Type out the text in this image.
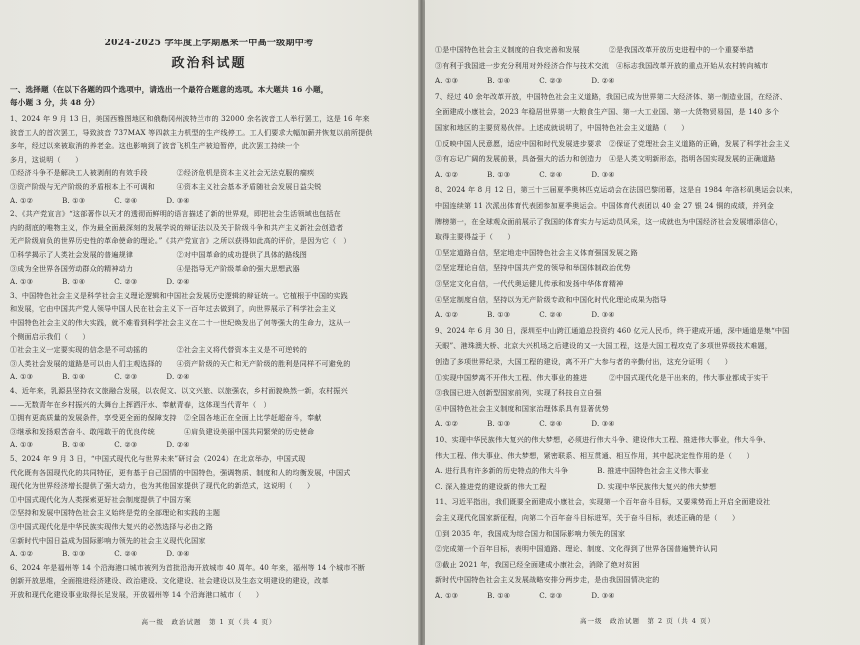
2024-2025 学年度上学期惠来一中高一级期中考
政治科试题
一、选择题（在以下各题的四个选项中，请选出一个最符合题意的选项。本大题共 16 小题，
每小题 3 分，共 48 分）
1、2024 年 9 月 13 日，美国西雅图地区和俄勒冈州波特兰市的 32000 余名波音工人举行罢工，这是 16 年来
波音工人的首次罢工，导致波音 737MAX 等四款主力机型的生产线停工。工人们要求大幅加薪并恢复以前所提供
多年，经过以来被取消的养老金。这也影响到了波音飞机生产被迫暂停，此次罢工持续一个
多月，这说明（　　）
①经济斗争不是解决工人被剥削的有效手段　　　　②经济危机是资本主义社会无法克服的痼疾
③资产阶级与无产阶级的矛盾根本上不可调和　　　④资本主义社会基本矛盾随社会发展日益尖锐
A. ①②　　　　B. ①③　　　　C. ②④　　　　D. ③④
2、《共产党宣言》“这部著作以天才的透彻而鲜明的语言描述了新的世界观，即把社会生活领域也包括在
内的彻底的唯物主义，作为最全面最深刻的发展学说的辩证法以及关于阶级斗争和共产主义新社会创造者
无产阶级肩负的世界历史性的革命使命的理论。”《共产党宣言》之所以获得如此高的评价，是因为它（　）
①科学揭示了人类社会发展的普遍规律　　　　　　②对中国革命的成功提供了具体的路线图
③成为全世界各国劳动群众的精神动力　　　　　　④是指导无产阶级革命的强大思想武器
A. ①③　　　　B. ①④　　　　C. ②③　　　　D. ②④
3、中国特色社会主义是科学社会主义理论逻辑和中国社会发展历史逻辑的辩证统一。它植根于中国的实践
和发展，它由中国共产党人领导中国人民在社会主义下一百年过去做到了，向世界展示了科学社会主义
中国特色社会主义的伟大实践，就不难看到科学社会主义在二十一世纪焕发出了何等强大的生命力，这从一
个侧面启示我们（　　）
①社会主义一定要实现的信念是不可动摇的　　　　②社会主义将代替资本主义是不可逆转的
③人类社会发展的道路是可以由人们主观选择的　　④资产阶级的天亡和无产阶级的胜利是同样不可避免的
A. ①③　　　　B. ①④　　　　C. ②③　　　　D. ②④
4、近年来，乳源县坚持农文旅融合发展，以农促文、以文兴旅、以旅强农，乡村面貌焕然一新，农村振兴
——无数青年在乡村振兴的大舞台上挥洒汗水、奉献青春，这体现当代青年（　）
①拥有更高质量的发展条件，享受更全面的保障支持　②全国各地正在全面上比学赶超奋斗，奉献
③继承和发扬艰苦奋斗、敢闯敢干的优良传统　　　　④肩负建设美丽中国共同繁荣的历史使命
A. ①③　　　　B. ①④　　　　C. ②③　　　　D. ②④
5、2024 年 9 月 3 日，“中国式现代化与世界未来”研讨会（2024）在北京举办，中国式现
代化既有各国现代化的共同特征，更有基于自己国情的中国特色，强调物质、制度和人的均衡发展，中国式
现代化为世界经济增长提供了强大动力，也为其他国家提供了现代化的新范式，这说明（　　）
①中国式现代化为人类探索更好社会制度提供了中国方案
②坚持和发展中国特色社会主义始终是党的全部理论和实践的主题
③中国式现代化是中华民族实现伟大复兴的必然选择与必由之路
④新时代中国日益成为国际影响力领先的社会主义现代化国家
A. ①②　　　　B. ①③　　　　C. ②④　　　　D. ③④
6、2024 年是福州等 14 个沿海港口城市被列为首批沿海开放城市 40 周年。40 年来，福州等 14 个城市不断
创新开放思维，全面推进经济建设、政治建设、文化建设、社会建设以及生态文明建设的建设，改革
开放和现代化建设事业取得长足发展，开放福州等 14 个沿海港口城市（　　）
高一级　政治试题　第 1 页（共 4 页）
①是中国特色社会主义制度的自我完善和发展　　　　②是我国改革开放历史进程中的一个重要举措
③有利于我国进一步充分利用对外经济合作与技术交流　④标志我国改革开放的重点开始从农村转向城市
A. ①③　　　　B. ①④　　　　C. ②③　　　　D. ②④
7、经过 40 余年改革开放，中国特色社会主义道路，我国已成为世界第二大经济体、第一制造业国，在经济、
全面建成小康社会，2023 年稳居世界第一大粮食生产国、第一大工业国、第一大货物贸易国，是 140 多个
国家和地区的主要贸易伙伴。上述成就说明了，中国特色社会主义道路（　　）
①反映中国人民意愿，适应中国和时代发展进步要求　②保证了党理社会主义道路的正确，发展了科学社会主义
③有忘记广阔的发展前景，具备强大的活力和创造力　④是人类文明新形态，指明各国实现发展的正确道路
A. ①②　　　　B. ①③　　　　C. ②④　　　　D. ③④
8、2024 年 8 月 12 日，第三十三届夏季奥林匹克运动会在法国巴黎闭幕，这是自 1984 年洛杉矶奥运会以来，
中国连续第 11 次派出体育代表团参加夏季奥运会。中国体育代表团以 40 金 27 银 24 铜的成绩，并列金
牌榜第一，在全球观众面前展示了我国的体育实力与运动员风采，这一成就也为中国经济社会发展增添信心，
取得主要得益于（　　）
①坚定道路自信，坚定地走中国特色社会主义体育强国发展之路
②坚定理论自信，坚持中国共产党的领导和举国体制政治优势
③坚定文化自信，一代代奥运健儿传承和发扬中华体育精神
④坚定制度自信，坚持以为无产阶级专政和中国化时代化理论成果为指导
A. ①②　　　　B. ①③　　　　C. ②④　　　　D. ③④
9、2024 年 6 月 30 日，深圳至中山跨江通道总投资约 460 亿元人民币，终于建成开通，深中通道是集“中国
天眼”、港珠澳大桥、北京大兴机场之后建设的又一大国工程，这是大国工程攻克了多项世界级技术难题，
创造了多项世界纪录，大国工程的建设，离不开广大参与者的辛勤付出，这充分证明（　　）
①实现中国梦离不开伟大工程、伟大事业的推进　　　②中国式现代化是干出来的，伟大事业都成于实干
③我国已进入创新型国家前列，实现了科技自立自强
④中国特色社会主义制度和国家治理体系具有显著优势
A. ①②　　　　B. ①③　　　　C. ②④　　　　D. ③④
10、实现中华民族伟大复兴的伟大梦想，必须进行伟大斗争、建设伟大工程、推进伟大事业，伟大斗争、
伟大工程、伟大事业、伟大梦想，紧密联系、相互贯通、相互作用，其中起决定性作用的是（　　）
A. 进行具有许多新的历史特点的伟大斗争　　　　B. 推进中国特色社会主义伟大事业
C. 深入推进党的建设新的伟大工程　　　　　　　D. 实现中华民族伟大复兴的伟大梦想
11、习近平指出，我们既要全面建成小康社会，实现第一个百年奋斗目标，又要乘势而上开启全面建设社
会主义现代化国家新征程，向第二个百年奋斗目标进军，关于奋斗目标，表述正确的是（　　）
①到 2035 年，我国成为综合国力和国际影响力领先的国家
②完成第一个百年目标，表明中国道路、理论、制度、文化得到了世界各国普遍赞许认同
③截止 2021 年，我国已经全面建成小康社会，消除了绝对贫困
新时代中国特色社会主义发展战略安排分两步走，是由我国国情决定的
A. ①③　　　　B. ①④　　　　C. ②③　　　　D. ③④
高一级　政治试题　第 2 页（共 4 页）
